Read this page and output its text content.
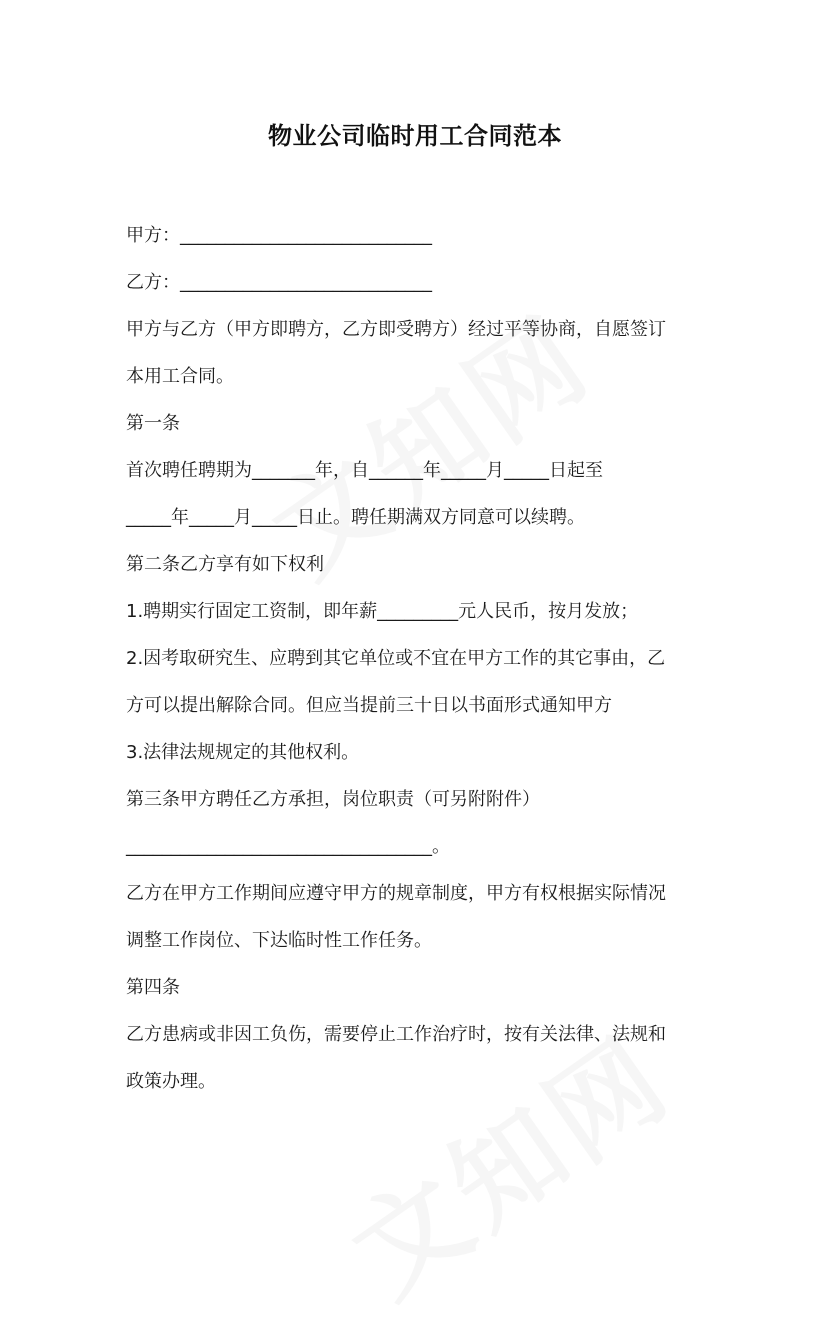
物业公司临时用工合同范本

甲方：____________________________

乙方：____________________________

甲方与乙方（甲方即聘方，乙方即受聘方）经过平等协商，自愿签订

本用工合同。

第一条

首次聘任聘期为_______年，自______年_____月_____日起至

_____年_____月_____日止。聘任期满双方同意可以续聘。

第二条乙方享有如下权利

1.聘期实行固定工资制，即年薪_________元人民币，按月发放；

2.因考取研究生、应聘到其它单位或不宜在甲方工作的其它事由，乙

方可以提出解除合同。但应当提前三十日以书面形式通知甲方

3.法律法规规定的其他权利。

第三条甲方聘任乙方承担，岗位职责（可另附附件）

__________________________________。

乙方在甲方工作期间应遵守甲方的规章制度，甲方有权根据实际情况

调整工作岗位、下达临时性工作任务。

第四条

乙方患病或非因工负伤，需要停止工作治疗时，按有关法律、法规和

政策办理。
